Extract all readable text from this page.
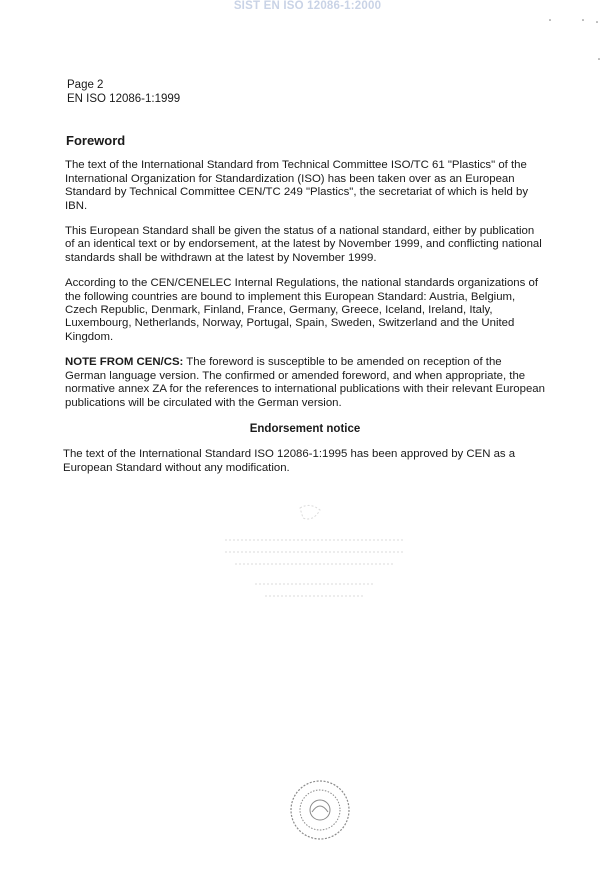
SIST EN ISO 12086-1:2000
Page 2
EN ISO 12086-1:1999
Foreword

The text of the International Standard from Technical Committee ISO/TC 61 "Plastics" of the International Organization for Standardization (ISO) has been taken over as an European Standard by Technical Committee CEN/TC 249 "Plastics", the secretariat of which is held by IBN.

This European Standard shall be given the status of a national standard, either by publication of an identical text or by endorsement, at the latest by November 1999, and conflicting national standards shall be withdrawn at the latest by November 1999.

According to the CEN/CENELEC Internal Regulations, the national standards organizations of the following countries are bound to implement this European Standard: Austria, Belgium, Czech Republic, Denmark, Finland, France, Germany, Greece, Iceland, Ireland, Italy, Luxembourg, Netherlands, Norway, Portugal, Spain, Sweden, Switzerland and the United Kingdom.

NOTE FROM CEN/CS: The foreword is susceptible to be amended on reception of the German language version. The confirmed or amended foreword, and when appropriate, the normative annex ZA for the references to international publications with their relevant European publications will be circulated with the German version.

Endorsement notice

The text of the International Standard ISO 12086-1:1995 has been approved by CEN as a European Standard without any modification.
